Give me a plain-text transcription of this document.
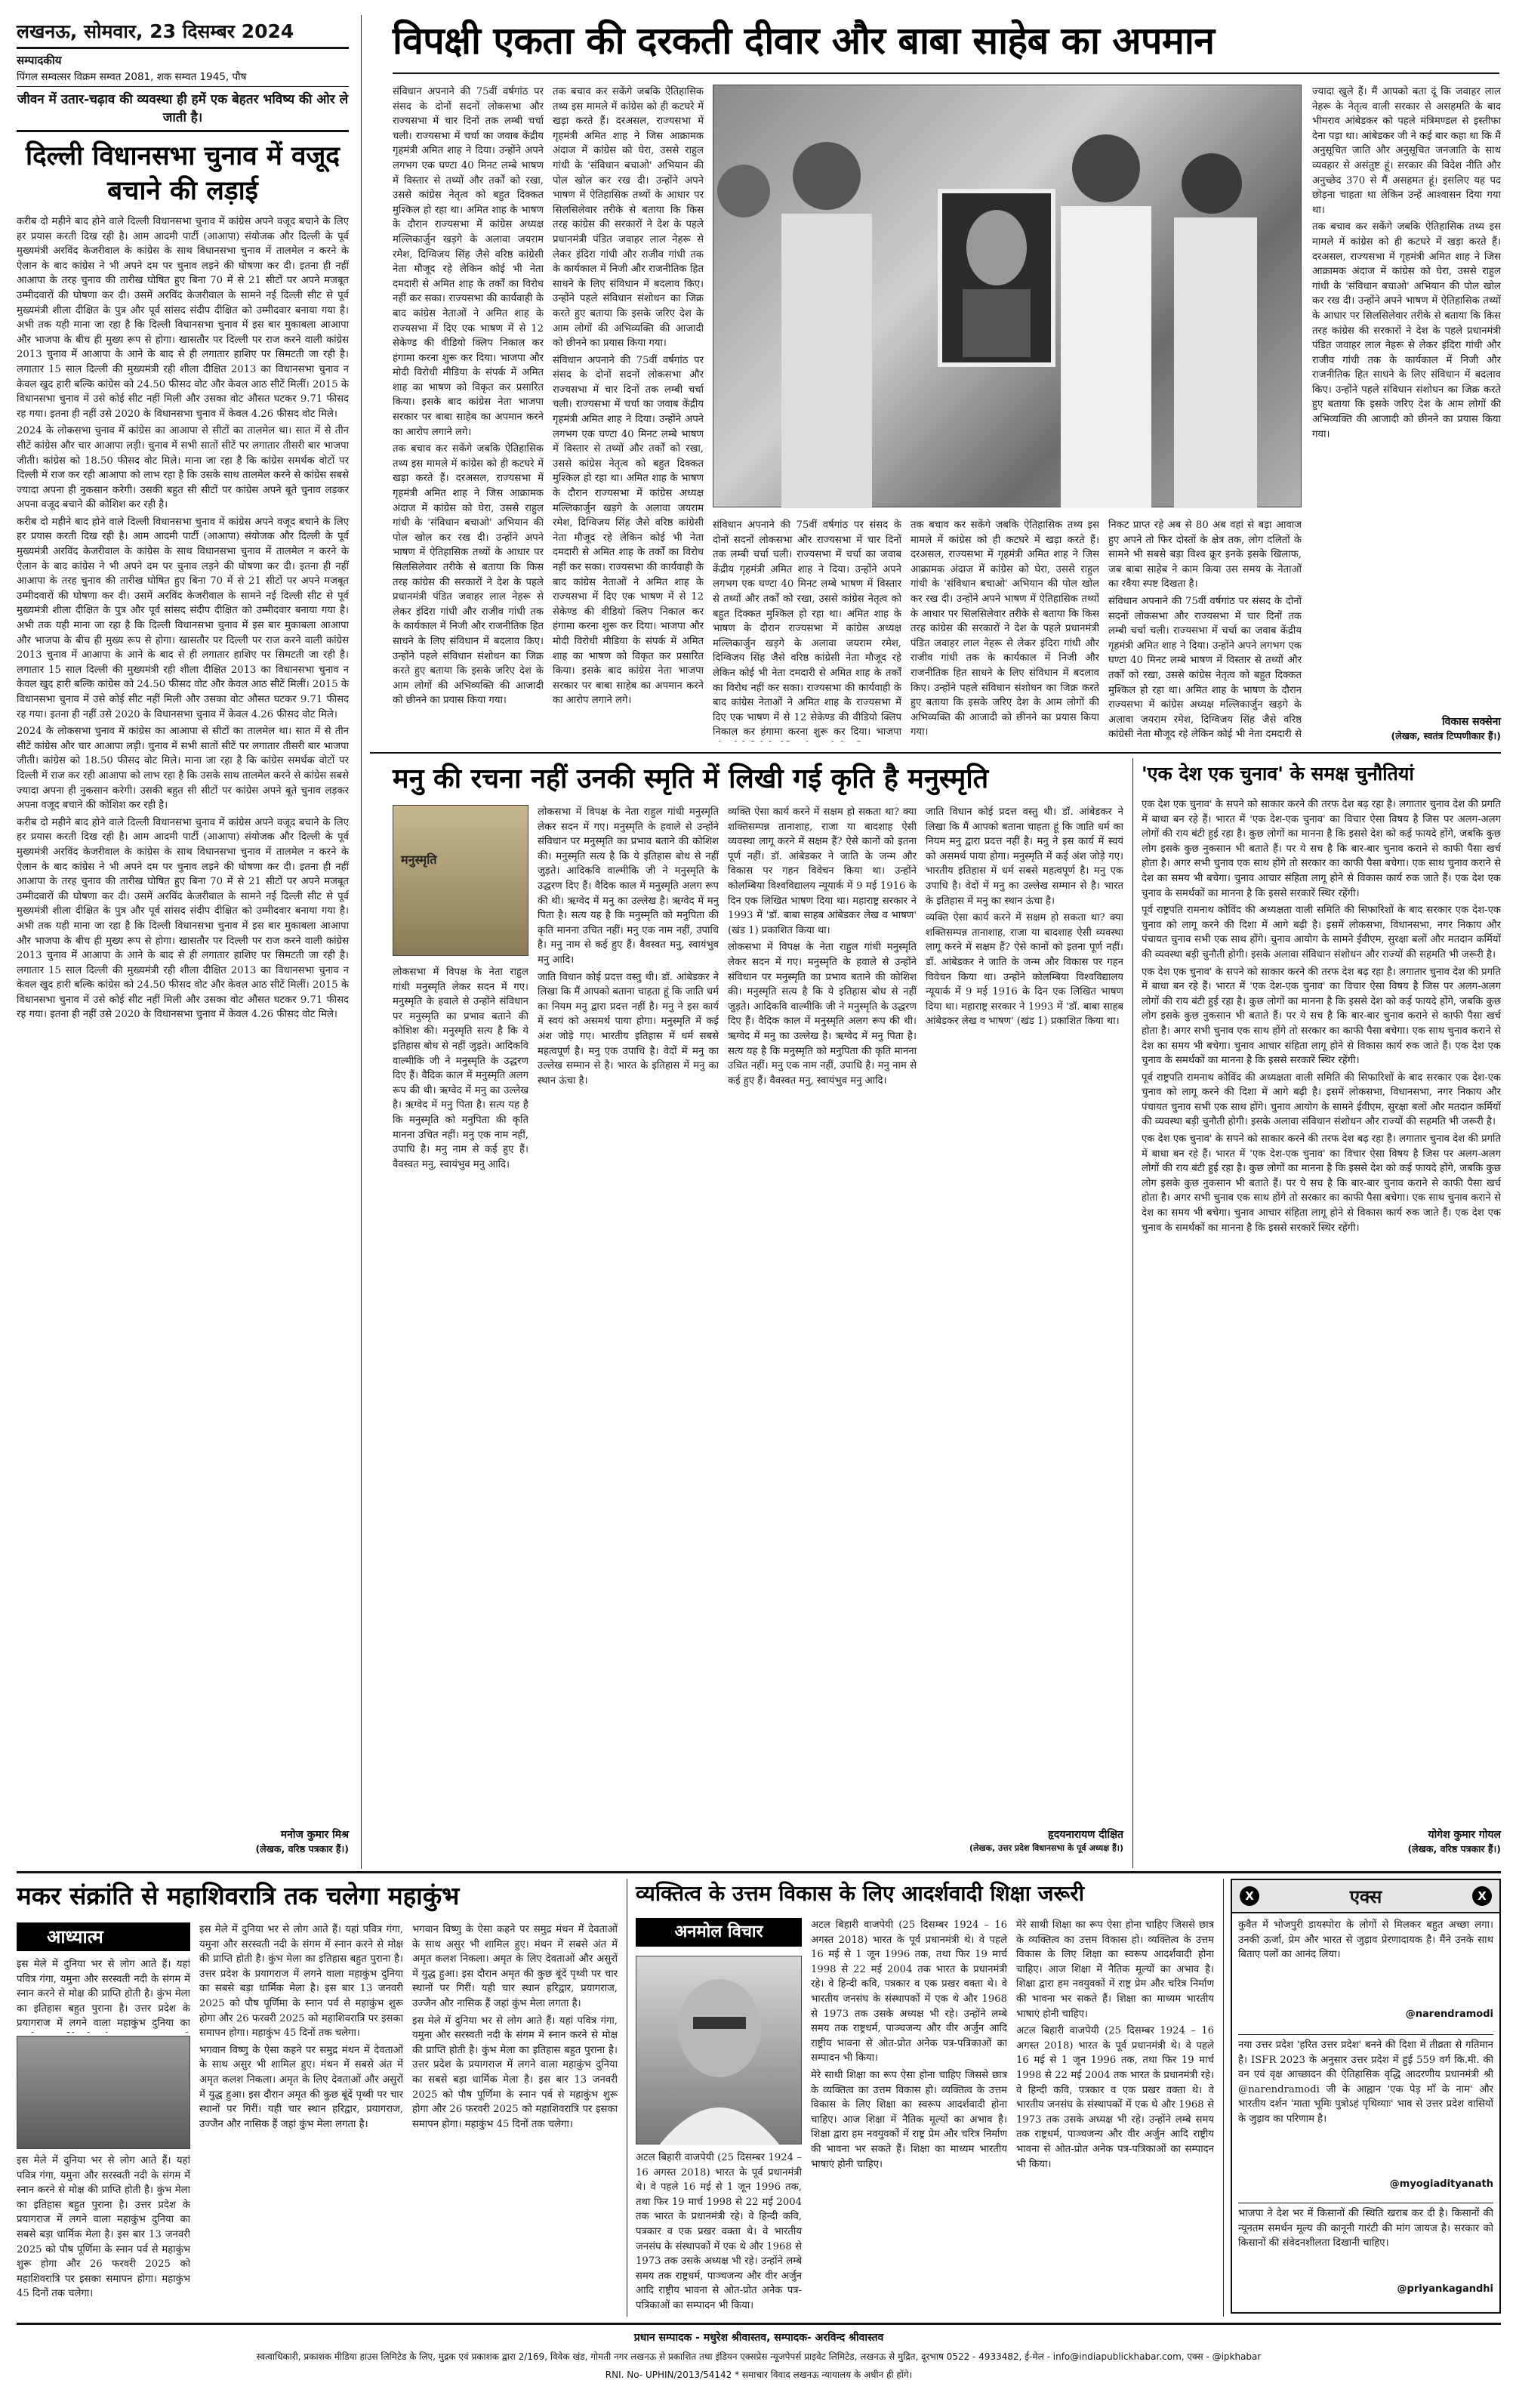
लखनऊ, सोमवार, 23 दिसम्बर 2024
सम्पादकीय
पिंगल सम्वत्सर विक्रम सम्वत 2081, शक सम्वत 1945, पौष
जीवन में उतार-चढ़ाव की व्यवस्था ही हमें एक बेहतर भविष्य की ओर ले जाती है।
विपक्षी एकता की दरकती दीवार और बाबा साहेब का अपमान
दिल्ली विधानसभा चुनाव में वजूद बचाने की लड़ाई

करीब दो महीने बाद होने वाले दिल्ली विधानसभा चुनाव में कांग्रेस अपने वजूद बचाने के लिए हर प्रयास करती दिख रही है। आम आदमी पार्टी (आआपा) संयोजक और दिल्ली के पूर्व मुख्यमंत्री अरविंद केजरीवाल के कांग्रेस के साथ विधानसभा चुनाव में तालमेल न करने के ऐलान के बाद कांग्रेस ने भी अपने दम पर चुनाव लड़ने की घोषणा कर दी। इतना ही नहीं आआपा के तरह चुनाव की तारीख घोषित हुए बिना 70 में से 21 सीटों पर अपने मजबूत उम्मीदवारों की घोषणा कर दी। उसमें अरविंद केजरीवाल के सामने नई दिल्ली सीट से पूर्व मुख्यमंत्री शीला दीक्षित के पुत्र और पूर्व सांसद संदीप दीक्षित को उम्मीदवार बनाया गया है। अभी तक यही माना जा रहा है कि दिल्ली विधानसभा चुनाव में इस बार मुकाबला आआपा और भाजपा के बीच ही मुख्य रूप से होगा। खासतौर पर दिल्ली पर राज करने वाली कांग्रेस 2013 चुनाव में आआपा के आने के बाद से ही लगातार हाशिए पर सिमटती जा रही है। लगातार 15 साल दिल्ली की मुख्यमंत्री रही शीला दीक्षित 2013 का विधानसभा चुनाव न केवल खुद हारी बल्कि कांग्रेस को 24.50 फीसद वोट और केवल आठ सीटें मिलीं। 2015 के विधानसभा चुनाव में उसे कोई सीट नहीं मिली और उसका वोट औसत घटकर 9.71 फीसद रह गया। इतना ही नहीं उसे 2020 के विधानसभा चुनाव में केवल 4.26 फीसद वोट मिले।

2024 के लोकसभा चुनाव में कांग्रेस का आआपा से सीटों का तालमेल था। सात में से तीन सीटें कांग्रेस और चार आआपा लड़ी। चुनाव में सभी सातों सीटें पर लगातार तीसरी बार भाजपा जीती। कांग्रेस को 18.50 फीसद वोट मिले। माना जा रहा है कि कांग्रेस समर्थक वोटों पर दिल्ली में राज कर रही आआपा को लाभ रहा है कि उसके साथ तालमेल करने से कांग्रेस सबसे ज्यादा अपना ही नुकसान करेगी। उसकी बहुत सी सीटों पर कांग्रेस अपने बूते चुनाव लड़कर अपना वजूद बचाने की कोशिश कर रही है।

करीब दो महीने बाद होने वाले दिल्ली विधानसभा चुनाव में कांग्रेस अपने वजूद बचाने के लिए हर प्रयास करती दिख रही है। आम आदमी पार्टी (आआपा) संयोजक और दिल्ली के पूर्व मुख्यमंत्री अरविंद केजरीवाल के कांग्रेस के साथ विधानसभा चुनाव में तालमेल न करने के ऐलान के बाद कांग्रेस ने भी अपने दम पर चुनाव लड़ने की घोषणा कर दी। इतना ही नहीं आआपा के तरह चुनाव की तारीख घोषित हुए बिना 70 में से 21 सीटों पर अपने मजबूत उम्मीदवारों की घोषणा कर दी। उसमें अरविंद केजरीवाल के सामने नई दिल्ली सीट से पूर्व मुख्यमंत्री शीला दीक्षित के पुत्र और पूर्व सांसद संदीप दीक्षित को उम्मीदवार बनाया गया है। अभी तक यही माना जा रहा है कि दिल्ली विधानसभा चुनाव में इस बार मुकाबला आआपा और भाजपा के बीच ही मुख्य रूप से होगा। खासतौर पर दिल्ली पर राज करने वाली कांग्रेस 2013 चुनाव में आआपा के आने के बाद से ही लगातार हाशिए पर सिमटती जा रही है। लगातार 15 साल दिल्ली की मुख्यमंत्री रही शीला दीक्षित 2013 का विधानसभा चुनाव न केवल खुद हारी बल्कि कांग्रेस को 24.50 फीसद वोट और केवल आठ सीटें मिलीं। 2015 के विधानसभा चुनाव में उसे कोई सीट नहीं मिली और उसका वोट औसत घटकर 9.71 फीसद रह गया। इतना ही नहीं उसे 2020 के विधानसभा चुनाव में केवल 4.26 फीसद वोट मिले।

2024 के लोकसभा चुनाव में कांग्रेस का आआपा से सीटों का तालमेल था। सात में से तीन सीटें कांग्रेस और चार आआपा लड़ी। चुनाव में सभी सातों सीटें पर लगातार तीसरी बार भाजपा जीती। कांग्रेस को 18.50 फीसद वोट मिले। माना जा रहा है कि कांग्रेस समर्थक वोटों पर दिल्ली में राज कर रही आआपा को लाभ रहा है कि उसके साथ तालमेल करने से कांग्रेस सबसे ज्यादा अपना ही नुकसान करेगी। उसकी बहुत सी सीटों पर कांग्रेस अपने बूते चुनाव लड़कर अपना वजूद बचाने की कोशिश कर रही है।

करीब दो महीने बाद होने वाले दिल्ली विधानसभा चुनाव में कांग्रेस अपने वजूद बचाने के लिए हर प्रयास करती दिख रही है। आम आदमी पार्टी (आआपा) संयोजक और दिल्ली के पूर्व मुख्यमंत्री अरविंद केजरीवाल के कांग्रेस के साथ विधानसभा चुनाव में तालमेल न करने के ऐलान के बाद कांग्रेस ने भी अपने दम पर चुनाव लड़ने की घोषणा कर दी। इतना ही नहीं आआपा के तरह चुनाव की तारीख घोषित हुए बिना 70 में से 21 सीटों पर अपने मजबूत उम्मीदवारों की घोषणा कर दी। उसमें अरविंद केजरीवाल के सामने नई दिल्ली सीट से पूर्व मुख्यमंत्री शीला दीक्षित के पुत्र और पूर्व सांसद संदीप दीक्षित को उम्मीदवार बनाया गया है। अभी तक यही माना जा रहा है कि दिल्ली विधानसभा चुनाव में इस बार मुकाबला आआपा और भाजपा के बीच ही मुख्य रूप से होगा। खासतौर पर दिल्ली पर राज करने वाली कांग्रेस 2013 चुनाव में आआपा के आने के बाद से ही लगातार हाशिए पर सिमटती जा रही है। लगातार 15 साल दिल्ली की मुख्यमंत्री रही शीला दीक्षित 2013 का विधानसभा चुनाव न केवल खुद हारी बल्कि कांग्रेस को 24.50 फीसद वोट और केवल आठ सीटें मिलीं। 2015 के विधानसभा चुनाव में उसे कोई सीट नहीं मिली और उसका वोट औसत घटकर 9.71 फीसद रह गया। इतना ही नहीं उसे 2020 के विधानसभा चुनाव में केवल 4.26 फीसद वोट मिले।

मनोज कुमार मिश्र
(लेखक, वरिष्ठ पत्रकार हैं।)

संविधान अपनाने की 75वीं वर्षगांठ पर संसद के दोनों सदनों लोकसभा और राज्यसभा में चार दिनों तक लम्बी चर्चा चली। राज्यसभा में चर्चा का जवाब केंद्रीय गृहमंत्री अमित शाह ने दिया। उन्होंने अपने लगभग एक घण्टा 40 मिनट लम्बे भाषण में विस्तार से तथ्यों और तर्कों को रखा, उससे कांग्रेस नेतृत्व को बहुत दिक्कत मुश्किल हो रहा था। अमित शाह के भाषण के दौरान राज्यसभा में कांग्रेस अध्यक्ष मल्लिकार्जुन खड़गे के अलावा जयराम रमेश, दिग्विजय सिंह जैसे वरिष्ठ कांग्रेसी नेता मौजूद रहे लेकिन कोई भी नेता दमदारी से अमित शाह के तर्कों का विरोध नहीं कर सका। राज्यसभा की कार्यवाही के बाद कांग्रेस नेताओं ने अमित शाह के राज्यसभा में दिए एक भाषण में से 12 सेकेण्ड की वीडियो क्लिप निकाल कर हंगामा करना शुरू कर दिया। भाजपा और मोदी विरोधी मीडिया के संपर्क में अमित शाह का भाषण को विकृत कर प्रसारित किया। इसके बाद कांग्रेस नेता भाजपा सरकार पर बाबा साहेब का अपमान करने का आरोप लगाने लगे।

तक बचाव कर सकेंगे जबकि ऐतिहासिक तथ्य इस मामले में कांग्रेस को ही कटघरे में खड़ा करते हैं। दरअसल, राज्यसभा में गृहमंत्री अमित शाह ने जिस आक्रामक अंदाज में कांग्रेस को घेरा, उससे राहुल गांधी के 'संविधान बचाओ' अभियान की पोल खोल कर रख दी। उन्होंने अपने भाषण में ऐतिहासिक तथ्यों के आधार पर सिलसिलेवार तरीके से बताया कि किस तरह कांग्रेस की सरकारों ने देश के पहले प्रधानमंत्री पंडित जवाहर लाल नेहरू से लेकर इंदिरा गांधी और राजीव गांधी तक के कार्यकाल में निजी और राजनीतिक हित साधने के लिए संविधान में बदलाव किए। उन्होंने पहले संविधान संशोधन का जिक्र करते हुए बताया कि इसके जरिए देश के आम लोगों की अभिव्यक्ति की आजादी को छीनने का प्रयास किया गया।

तक बचाव कर सकेंगे जबकि ऐतिहासिक तथ्य इस मामले में कांग्रेस को ही कटघरे में खड़ा करते हैं। दरअसल, राज्यसभा में गृहमंत्री अमित शाह ने जिस आक्रामक अंदाज में कांग्रेस को घेरा, उससे राहुल गांधी के 'संविधान बचाओ' अभियान की पोल खोल कर रख दी। उन्होंने अपने भाषण में ऐतिहासिक तथ्यों के आधार पर सिलसिलेवार तरीके से बताया कि किस तरह कांग्रेस की सरकारों ने देश के पहले प्रधानमंत्री पंडित जवाहर लाल नेहरू से लेकर इंदिरा गांधी और राजीव गांधी तक के कार्यकाल में निजी और राजनीतिक हित साधने के लिए संविधान में बदलाव किए। उन्होंने पहले संविधान संशोधन का जिक्र करते हुए बताया कि इसके जरिए देश के आम लोगों की अभिव्यक्ति की आजादी को छीनने का प्रयास किया गया।

संविधान अपनाने की 75वीं वर्षगांठ पर संसद के दोनों सदनों लोकसभा और राज्यसभा में चार दिनों तक लम्बी चर्चा चली। राज्यसभा में चर्चा का जवाब केंद्रीय गृहमंत्री अमित शाह ने दिया। उन्होंने अपने लगभग एक घण्टा 40 मिनट लम्बे भाषण में विस्तार से तथ्यों और तर्कों को रखा, उससे कांग्रेस नेतृत्व को बहुत दिक्कत मुश्किल हो रहा था। अमित शाह के भाषण के दौरान राज्यसभा में कांग्रेस अध्यक्ष मल्लिकार्जुन खड़गे के अलावा जयराम रमेश, दिग्विजय सिंह जैसे वरिष्ठ कांग्रेसी नेता मौजूद रहे लेकिन कोई भी नेता दमदारी से अमित शाह के तर्कों का विरोध नहीं कर सका। राज्यसभा की कार्यवाही के बाद कांग्रेस नेताओं ने अमित शाह के राज्यसभा में दिए एक भाषण में से 12 सेकेण्ड की वीडियो क्लिप निकाल कर हंगामा करना शुरू कर दिया। भाजपा और मोदी विरोधी मीडिया के संपर्क में अमित शाह का भाषण को विकृत कर प्रसारित किया। इसके बाद कांग्रेस नेता भाजपा सरकार पर बाबा साहेब का अपमान करने का आरोप लगाने लगे।

संविधान अपनाने की 75वीं वर्षगांठ पर संसद के दोनों सदनों लोकसभा और राज्यसभा में चार दिनों तक लम्बी चर्चा चली। राज्यसभा में चर्चा का जवाब केंद्रीय गृहमंत्री अमित शाह ने दिया। उन्होंने अपने लगभग एक घण्टा 40 मिनट लम्बे भाषण में विस्तार से तथ्यों और तर्कों को रखा, उससे कांग्रेस नेतृत्व को बहुत दिक्कत मुश्किल हो रहा था। अमित शाह के भाषण के दौरान राज्यसभा में कांग्रेस अध्यक्ष मल्लिकार्जुन खड़गे के अलावा जयराम रमेश, दिग्विजय सिंह जैसे वरिष्ठ कांग्रेसी नेता मौजूद रहे लेकिन कोई भी नेता दमदारी से अमित शाह के तर्कों का विरोध नहीं कर सका। राज्यसभा की कार्यवाही के बाद कांग्रेस नेताओं ने अमित शाह के राज्यसभा में दिए एक भाषण में से 12 सेकेण्ड की वीडियो क्लिप निकाल कर हंगामा करना शुरू कर दिया। भाजपा

तक बचाव कर सकेंगे जबकि ऐतिहासिक तथ्य इस मामले में कांग्रेस को ही कटघरे में खड़ा करते हैं। दरअसल, राज्यसभा में गृहमंत्री अमित शाह ने जिस आक्रामक अंदाज में कांग्रेस को घेरा, उससे राहुल गांधी के 'संविधान बचाओ' अभियान की पोल खोल कर रख दी। उन्होंने अपने भाषण में ऐतिहासिक तथ्यों के आधार पर सिलसिलेवार तरीके से बताया कि किस तरह कांग्रेस की सरकारों ने देश के पहले प्रधानमंत्री पंडित जवाहर लाल नेहरू से लेकर इंदिरा गांधी और राजीव गांधी तक के कार्यकाल में निजी और राजनीतिक हित साधने के लिए संविधान में बदलाव किए। उन्होंने पहले संविधान संशोधन का जिक्र करते हुए बताया कि इसके जरिए देश के आम लोगों की अभिव्यक्ति की आजादी को छीनने का प्रयास किया गया।

निकट प्राप्त रहे अब से 80 अब वहां से बड़ा आवाज हुए अपने तो फिर दोस्तों के क्षेत्र तक, लोग दलितों के सामने भी सबसे बड़ा विश्व क्रूर इनके इसके खिलाफ, जब बाबा साहेब ने काम किया उस समय के नेताओं का रवैया स्पष्ट दिखता है।

संविधान अपनाने की 75वीं वर्षगांठ पर संसद के दोनों सदनों लोकसभा और राज्यसभा में चार दिनों तक लम्बी चर्चा चली। राज्यसभा में चर्चा का जवाब केंद्रीय गृहमंत्री अमित शाह ने दिया। उन्होंने अपने लगभग एक घण्टा 40 मिनट लम्बे भाषण में विस्तार से तथ्यों और तर्कों को रखा, उससे कांग्रेस नेतृत्व को बहुत दिक्कत मुश्किल हो रहा था। अमित शाह के भाषण के दौरान राज्यसभा में कांग्रेस अध्यक्ष मल्लिकार्जुन खड़गे के अलावा जयराम रमेश, दिग्विजय सिंह जैसे वरिष्ठ कांग्रेसी नेता मौजूद रहे लेकिन कोई भी नेता दमदारी से

ज्यादा खुले हैं। मैं आपको बता दूं कि जवाहर लाल नेहरू के नेतृत्व वाली सरकार से असहमति के बाद भीमराव आंबेडकर को पहले मंत्रिमण्डल से इस्तीफा देना पड़ा था। आंबेडकर जी ने कई बार कहा था कि मैं अनुसूचित जाति और अनुसूचित जनजाति के साथ व्यवहार से असंतुष्ट हूं। सरकार की विदेश नीति और अनुच्छेद 370 से मैं असहमत हूं। इसलिए यह पद छोड़ना चाहता था लेकिन उन्हें आश्वासन दिया गया था।

तक बचाव कर सकेंगे जबकि ऐतिहासिक तथ्य इस मामले में कांग्रेस को ही कटघरे में खड़ा करते हैं। दरअसल, राज्यसभा में गृहमंत्री अमित शाह ने जिस आक्रामक अंदाज में कांग्रेस को घेरा, उससे राहुल गांधी के 'संविधान बचाओ' अभियान की पोल खोल कर रख दी। उन्होंने अपने भाषण में ऐतिहासिक तथ्यों के आधार पर सिलसिलेवार तरीके से बताया कि किस तरह कांग्रेस की सरकारों ने देश के पहले प्रधानमंत्री पंडित जवाहर लाल नेहरू से लेकर इंदिरा गांधी और राजीव गांधी तक के कार्यकाल में निजी और राजनीतिक हित साधने के लिए संविधान में बदलाव किए। उन्होंने पहले संविधान संशोधन का जिक्र करते हुए बताया कि इसके जरिए देश के आम लोगों की अभिव्यक्ति की आजादी को छीनने का प्रयास किया गया।

विकास सक्सेना
(लेखक, स्वतंत्र टिप्पणीकार हैं।)
मनु की रचना नहीं उनकी स्मृति में लिखी गई कृति है मनुस्मृति
मनुस्मृति

लोकसभा में विपक्ष के नेता राहुल गांधी मनुस्मृति लेकर सदन में गए। मनुस्मृति के हवाले से उन्होंने संविधान पर मनुस्मृति का प्रभाव बताने की कोशिश की। मनुस्मृति सत्य है कि ये इतिहास बोध से नहीं जुड़ते। आदिकवि वाल्मीकि जी ने मनुस्मृति के उद्धरण दिए हैं। वैदिक काल में मनुस्मृति अलग रूप की थी। ऋग्वेद में मनु का उल्लेख है। ऋग्वेद में मनु पिता है। सत्य यह है कि मनुस्मृति को मनुपिता की कृति मानना उचित नहीं। मनु एक नाम नहीं, उपाधि है। मनु नाम से कई हुए हैं। वैवस्वत मनु, स्वायंभुव मनु आदि।

जाति विधान कोई प्रदत्त वस्तु थी। डॉ. आंबेडकर ने लिखा कि मैं आपको बताना चाहता हूं कि जाति धर्म का नियम मनु द्वारा प्रदत्त नहीं है। मनु ने इस कार्य में स्वयं को असमर्थ पाया होगा। मनुस्मृति में कई अंश जोड़े गए। भारतीय इतिहास में धर्म सबसे महत्वपूर्ण है। मनु एक उपाधि है। वेदों में मनु का उल्लेख सम्मान से है। भारत के इतिहास में मनु का स्थान ऊंचा है।

लोकसभा में विपक्ष के नेता राहुल गांधी मनुस्मृति लेकर सदन में गए। मनुस्मृति के हवाले से उन्होंने संविधान पर मनुस्मृति का प्रभाव बताने की कोशिश की। मनुस्मृति सत्य है कि ये इतिहास बोध से नहीं जुड़ते। आदिकवि वाल्मीकि जी ने मनुस्मृति के उद्धरण दिए हैं। वैदिक काल में मनुस्मृति अलग रूप की थी। ऋग्वेद में मनु का उल्लेख है। ऋग्वेद में मनु पिता है। सत्य यह है कि मनुस्मृति को मनुपिता की कृति मानना उचित नहीं। मनु एक नाम नहीं, उपाधि है। मनु नाम से कई हुए हैं। वैवस्वत मनु, स्वायंभुव मनु आदि।

व्यक्ति ऐसा कार्य करने में सक्षम हो सकता था? क्या शक्तिसम्पन्न तानाशाह, राजा या बादशाह ऐसी व्यवस्था लागू करने में सक्षम हैं? ऐसे कानों को इतना पूर्ण नहीं। डॉ. आंबेडकर ने जाति के जन्म और विकास पर गहन विवेचन किया था। उन्होंने कोलम्बिया विश्वविद्यालय न्यूयार्क में 9 मई 1916 के दिन एक लिखित भाषण दिया था। महाराष्ट्र सरकार ने 1993 में 'डॉ. बाबा साहब आंबेडकर लेख व भाषण' (खंड 1) प्रकाशित किया था।

लोकसभा में विपक्ष के नेता राहुल गांधी मनुस्मृति लेकर सदन में गए। मनुस्मृति के हवाले से उन्होंने संविधान पर मनुस्मृति का प्रभाव बताने की कोशिश की। मनुस्मृति सत्य है कि ये इतिहास बोध से नहीं जुड़ते। आदिकवि वाल्मीकि जी ने मनुस्मृति के उद्धरण दिए हैं। वैदिक काल में मनुस्मृति अलग रूप की थी। ऋग्वेद में मनु का उल्लेख है। ऋग्वेद में मनु पिता है। सत्य यह है कि मनुस्मृति को मनुपिता की कृति मानना उचित नहीं। मनु एक नाम नहीं, उपाधि है। मनु नाम से कई हुए हैं। वैवस्वत मनु, स्वायंभुव मनु आदि।

जाति विधान कोई प्रदत्त वस्तु थी। डॉ. आंबेडकर ने लिखा कि मैं आपको बताना चाहता हूं कि जाति धर्म का नियम मनु द्वारा प्रदत्त नहीं है। मनु ने इस कार्य में स्वयं को असमर्थ पाया होगा। मनुस्मृति में कई अंश जोड़े गए। भारतीय इतिहास में धर्म सबसे महत्वपूर्ण है। मनु एक उपाधि है। वेदों में मनु का उल्लेख सम्मान से है। भारत के इतिहास में मनु का स्थान ऊंचा है।

व्यक्ति ऐसा कार्य करने में सक्षम हो सकता था? क्या शक्तिसम्पन्न तानाशाह, राजा या बादशाह ऐसी व्यवस्था लागू करने में सक्षम हैं? ऐसे कानों को इतना पूर्ण नहीं। डॉ. आंबेडकर ने जाति के जन्म और विकास पर गहन विवेचन किया था। उन्होंने कोलम्बिया विश्वविद्यालय न्यूयार्क में 9 मई 1916 के दिन एक लिखित भाषण दिया था। महाराष्ट्र सरकार ने 1993 में 'डॉ. बाबा साहब आंबेडकर लेख व भाषण' (खंड 1) प्रकाशित किया था।

हृदयनारायण दीक्षित
(लेखक, उत्तर प्रदेश विधानसभा के पूर्व अध्यक्ष हैं।)
'एक देश एक चुनाव' के समक्ष चुनौतियां

एक देश एक चुनाव' के सपने को साकार करने की तरफ देश बढ़ रहा है। लगातार चुनाव देश की प्रगति में बाधा बन रहे हैं। भारत में 'एक देश-एक चुनाव' का विचार ऐसा विषय है जिस पर अलग-अलग लोगों की राय बंटी हुई रहा है। कुछ लोगों का मानना है कि इससे देश को कई फायदे होंगे, जबकि कुछ लोग इसके कुछ नुकसान भी बताते हैं। पर ये सच है कि बार-बार चुनाव कराने से काफी पैसा खर्च होता है। अगर सभी चुनाव एक साथ होंगे तो सरकार का काफी पैसा बचेगा। एक साथ चुनाव कराने से देश का समय भी बचेगा। चुनाव आचार संहिता लागू होने से विकास कार्य रुक जाते हैं। एक देश एक चुनाव के समर्थकों का मानना है कि इससे सरकारें स्थिर रहेंगी।

पूर्व राष्ट्रपति रामनाथ कोविंद की अध्यक्षता वाली समिति की सिफारिशों के बाद सरकार एक देश-एक चुनाव को लागू करने की दिशा में आगे बढ़ी है। इसमें लोकसभा, विधानसभा, नगर निकाय और पंचायत चुनाव सभी एक साथ होंगे। चुनाव आयोग के सामने ईवीएम, सुरक्षा बलों और मतदान कर्मियों की व्यवस्था बड़ी चुनौती होगी। इसके अलावा संविधान संशोधन और राज्यों की सहमति भी जरूरी है।

एक देश एक चुनाव' के सपने को साकार करने की तरफ देश बढ़ रहा है। लगातार चुनाव देश की प्रगति में बाधा बन रहे हैं। भारत में 'एक देश-एक चुनाव' का विचार ऐसा विषय है जिस पर अलग-अलग लोगों की राय बंटी हुई रहा है। कुछ लोगों का मानना है कि इससे देश को कई फायदे होंगे, जबकि कुछ लोग इसके कुछ नुकसान भी बताते हैं। पर ये सच है कि बार-बार चुनाव कराने से काफी पैसा खर्च होता है। अगर सभी चुनाव एक साथ होंगे तो सरकार का काफी पैसा बचेगा। एक साथ चुनाव कराने से देश का समय भी बचेगा। चुनाव आचार संहिता लागू होने से विकास कार्य रुक जाते हैं। एक देश एक चुनाव के समर्थकों का मानना है कि इससे सरकारें स्थिर रहेंगी।

पूर्व राष्ट्रपति रामनाथ कोविंद की अध्यक्षता वाली समिति की सिफारिशों के बाद सरकार एक देश-एक चुनाव को लागू करने की दिशा में आगे बढ़ी है। इसमें लोकसभा, विधानसभा, नगर निकाय और पंचायत चुनाव सभी एक साथ होंगे। चुनाव आयोग के सामने ईवीएम, सुरक्षा बलों और मतदान कर्मियों की व्यवस्था बड़ी चुनौती होगी। इसके अलावा संविधान संशोधन और राज्यों की सहमति भी जरूरी है।

एक देश एक चुनाव' के सपने को साकार करने की तरफ देश बढ़ रहा है। लगातार चुनाव देश की प्रगति में बाधा बन रहे हैं। भारत में 'एक देश-एक चुनाव' का विचार ऐसा विषय है जिस पर अलग-अलग लोगों की राय बंटी हुई रहा है। कुछ लोगों का मानना है कि इससे देश को कई फायदे होंगे, जबकि कुछ लोग इसके कुछ नुकसान भी बताते हैं। पर ये सच है कि बार-बार चुनाव कराने से काफी पैसा खर्च होता है। अगर सभी चुनाव एक साथ होंगे तो सरकार का काफी पैसा बचेगा। एक साथ चुनाव कराने से देश का समय भी बचेगा। चुनाव आचार संहिता लागू होने से विकास कार्य रुक जाते हैं। एक देश एक चुनाव के समर्थकों का मानना है कि इससे सरकारें स्थिर रहेंगी।

योगेश कुमार गोयल
(लेखक, वरिष्ठ पत्रकार हैं।)
मकर संक्रांति से महाशिवरात्रि तक चलेगा महाकुंभ
आध्यात्म

इस मेले में दुनिया भर से लोग आते हैं। यहां पवित्र गंगा, यमुना और सरस्वती नदी के संगम में स्नान करने से मोक्ष की प्राप्ति होती है। कुंभ मेला का इतिहास बहुत पुराना है। उत्तर प्रदेश के प्रयागराज में लगने वाला महाकुंभ दुनिया का

इस मेले में दुनिया भर से लोग आते हैं। यहां पवित्र गंगा, यमुना और सरस्वती नदी के संगम में स्नान करने से मोक्ष की प्राप्ति होती है। कुंभ मेला का इतिहास बहुत पुराना है। उत्तर प्रदेश के प्रयागराज में लगने वाला महाकुंभ दुनिया का सबसे बड़ा धार्मिक मेला है। इस बार 13 जनवरी 2025 को पौष पूर्णिमा के स्नान पर्व से महाकुंभ शुरू होगा और 26 फरवरी 2025 को महाशिवरात्रि पर इसका समापन होगा। महाकुंभ 45 दिनों तक चलेगा।

इस मेले में दुनिया भर से लोग आते हैं। यहां पवित्र गंगा, यमुना और सरस्वती नदी के संगम में स्नान करने से मोक्ष की प्राप्ति होती है। कुंभ मेला का इतिहास बहुत पुराना है। उत्तर प्रदेश के प्रयागराज में लगने वाला महाकुंभ दुनिया का सबसे बड़ा धार्मिक मेला है। इस बार 13 जनवरी 2025 को पौष पूर्णिमा के स्नान पर्व से महाकुंभ शुरू होगा और 26 फरवरी 2025 को महाशिवरात्रि पर इसका समापन होगा। महाकुंभ 45 दिनों तक चलेगा।

भगवान विष्णु के ऐसा कहने पर समुद्र मंथन में देवताओं के साथ असुर भी शामिल हुए। मंथन में सबसे अंत में अमृत कलश निकला। अमृत के लिए देवताओं और असुरों में युद्ध हुआ। इस दौरान अमृत की कुछ बूंदें पृथ्वी पर चार स्थानों पर गिरीं। यही चार स्थान हरिद्वार, प्रयागराज, उज्जैन और नासिक हैं जहां कुंभ मेला लगता है।

भगवान विष्णु के ऐसा कहने पर समुद्र मंथन में देवताओं के साथ असुर भी शामिल हुए। मंथन में सबसे अंत में अमृत कलश निकला। अमृत के लिए देवताओं और असुरों में युद्ध हुआ। इस दौरान अमृत की कुछ बूंदें पृथ्वी पर चार स्थानों पर गिरीं। यही चार स्थान हरिद्वार, प्रयागराज, उज्जैन और नासिक हैं जहां कुंभ मेला लगता है।

इस मेले में दुनिया भर से लोग आते हैं। यहां पवित्र गंगा, यमुना और सरस्वती नदी के संगम में स्नान करने से मोक्ष की प्राप्ति होती है। कुंभ मेला का इतिहास बहुत पुराना है। उत्तर प्रदेश के प्रयागराज में लगने वाला महाकुंभ दुनिया का सबसे बड़ा धार्मिक मेला है। इस बार 13 जनवरी 2025 को पौष पूर्णिमा के स्नान पर्व से महाकुंभ शुरू होगा और 26 फरवरी 2025 को महाशिवरात्रि पर इसका समापन होगा। महाकुंभ 45 दिनों तक चलेगा।

व्यक्तित्व के उत्तम विकास के लिए आदर्शवादी शिक्षा जरूरी
अनमोल विचार

अटल बिहारी वाजपेयी (25 दिसम्बर 1924 – 16 अगस्त 2018) भारत के पूर्व प्रधानमंत्री थे। वे पहले 16 मई से 1 जून 1996 तक, तथा फिर 19 मार्च 1998 से 22 मई 2004 तक भारत के प्रधानमंत्री रहे। वे हिन्दी कवि, पत्रकार व एक प्रखर वक्ता थे। वे भारतीय जनसंघ के संस्थापकों में एक थे और 1968 से 1973 तक उसके अध्यक्ष भी रहे। उन्होंने लम्बे समय तक राष्ट्रधर्म, पाञ्चजन्य और वीर अर्जुन आदि राष्ट्रीय भावना से ओत-प्रोत अनेक पत्र-पत्रिकाओं का सम्पादन भी किया।

अटल बिहारी वाजपेयी (25 दिसम्बर 1924 – 16 अगस्त 2018) भारत के पूर्व प्रधानमंत्री थे। वे पहले 16 मई से 1 जून 1996 तक, तथा फिर 19 मार्च 1998 से 22 मई 2004 तक भारत के प्रधानमंत्री रहे। वे हिन्दी कवि, पत्रकार व एक प्रखर वक्ता थे। वे भारतीय जनसंघ के संस्थापकों में एक थे और 1968 से 1973 तक उसके अध्यक्ष भी रहे। उन्होंने लम्बे समय तक राष्ट्रधर्म, पाञ्चजन्य और वीर अर्जुन आदि राष्ट्रीय भावना से ओत-प्रोत अनेक पत्र-पत्रिकाओं का सम्पादन भी किया।

मेरे साथी शिक्षा का रूप ऐसा होना चाहिए जिससे छात्र के व्यक्तित्व का उत्तम विकास हो। व्यक्तित्व के उत्तम विकास के लिए शिक्षा का स्वरूप आदर्शवादी होना चाहिए। आज शिक्षा में नैतिक मूल्यों का अभाव है। शिक्षा द्वारा हम नवयुवकों में राष्ट्र प्रेम और चरित्र निर्माण की भावना भर सकते हैं। शिक्षा का माध्यम भारतीय भाषाएं होनी चाहिए।

मेरे साथी शिक्षा का रूप ऐसा होना चाहिए जिससे छात्र के व्यक्तित्व का उत्तम विकास हो। व्यक्तित्व के उत्तम विकास के लिए शिक्षा का स्वरूप आदर्शवादी होना चाहिए। आज शिक्षा में नैतिक मूल्यों का अभाव है। शिक्षा द्वारा हम नवयुवकों में राष्ट्र प्रेम और चरित्र निर्माण की भावना भर सकते हैं। शिक्षा का माध्यम भारतीय भाषाएं होनी चाहिए।

अटल बिहारी वाजपेयी (25 दिसम्बर 1924 – 16 अगस्त 2018) भारत के पूर्व प्रधानमंत्री थे। वे पहले 16 मई से 1 जून 1996 तक, तथा फिर 19 मार्च 1998 से 22 मई 2004 तक भारत के प्रधानमंत्री रहे। वे हिन्दी कवि, पत्रकार व एक प्रखर वक्ता थे। वे भारतीय जनसंघ के संस्थापकों में एक थे और 1968 से 1973 तक उसके अध्यक्ष भी रहे। उन्होंने लम्बे समय तक राष्ट्रधर्म, पाञ्चजन्य और वीर अर्जुन आदि राष्ट्रीय भावना से ओत-प्रोत अनेक पत्र-पत्रिकाओं का सम्पादन भी किया।

X	एक्स	X
कुवैत में भोजपुरी डायस्पोरा के लोगों से मिलकर बहुत अच्छा लगा। उनकी ऊर्जा, प्रेम और भारत से जुड़ाव प्रेरणादायक है। मैंने उनके साथ बिताए पलों का आनंद लिया।
@narendramodi
नया उत्तर प्रदेश 'हरित उत्तर प्रदेश' बनने की दिशा में तीव्रता से गतिमान है। ISFR 2023 के अनुसार उत्तर प्रदेश में हुई 559 वर्ग कि.मी. की वन एवं वृक्ष आच्छादन की ऐतिहासिक वृद्धि आदरणीय प्रधानमंत्री श्री @narendramodi जी के आह्वान 'एक पेड़ माँ के नाम' और भारतीय दर्शन 'माता भूमिः पुत्रोऽहं पृथिव्याः' भाव से उत्तर प्रदेश वासियों के जुड़ाव का परिणाम है।
@myogiadityanath
भाजपा ने देश भर में किसानों की स्थिति खराब कर दी है। किसानों की न्यूनतम समर्थन मूल्य की कानूनी गारंटी की मांग जायज है। सरकार को किसानों की संवेदनशीलता दिखानी चाहिए।
@priyankagandhi
प्रधान सम्पादक - मधुरेश श्रीवास्तव, सम्पादक- अरविन्द श्रीवास्तव
स्वत्वाधिकारी, प्रकाशक मीडिया हाउस लिमिटेड के लिए, मुद्रक एवं प्रकाशक द्वारा 2/169, विवेक खंड, गोमती नगर लखनऊ से प्रकाशित तथा इंडियन एक्सप्रेस न्यूजपेपर्स प्राइवेट लिमिटेड, लखनऊ से मुद्रित, दूरभाष 0522 - 4933482, ई-मेल - info@indiapublickhabar.com, एक्स - @ipkhabar
RNI. No- UPHIN/2013/54142 * समाचार विवाद लखनऊ न्यायालय के अधीन ही होंगे।
